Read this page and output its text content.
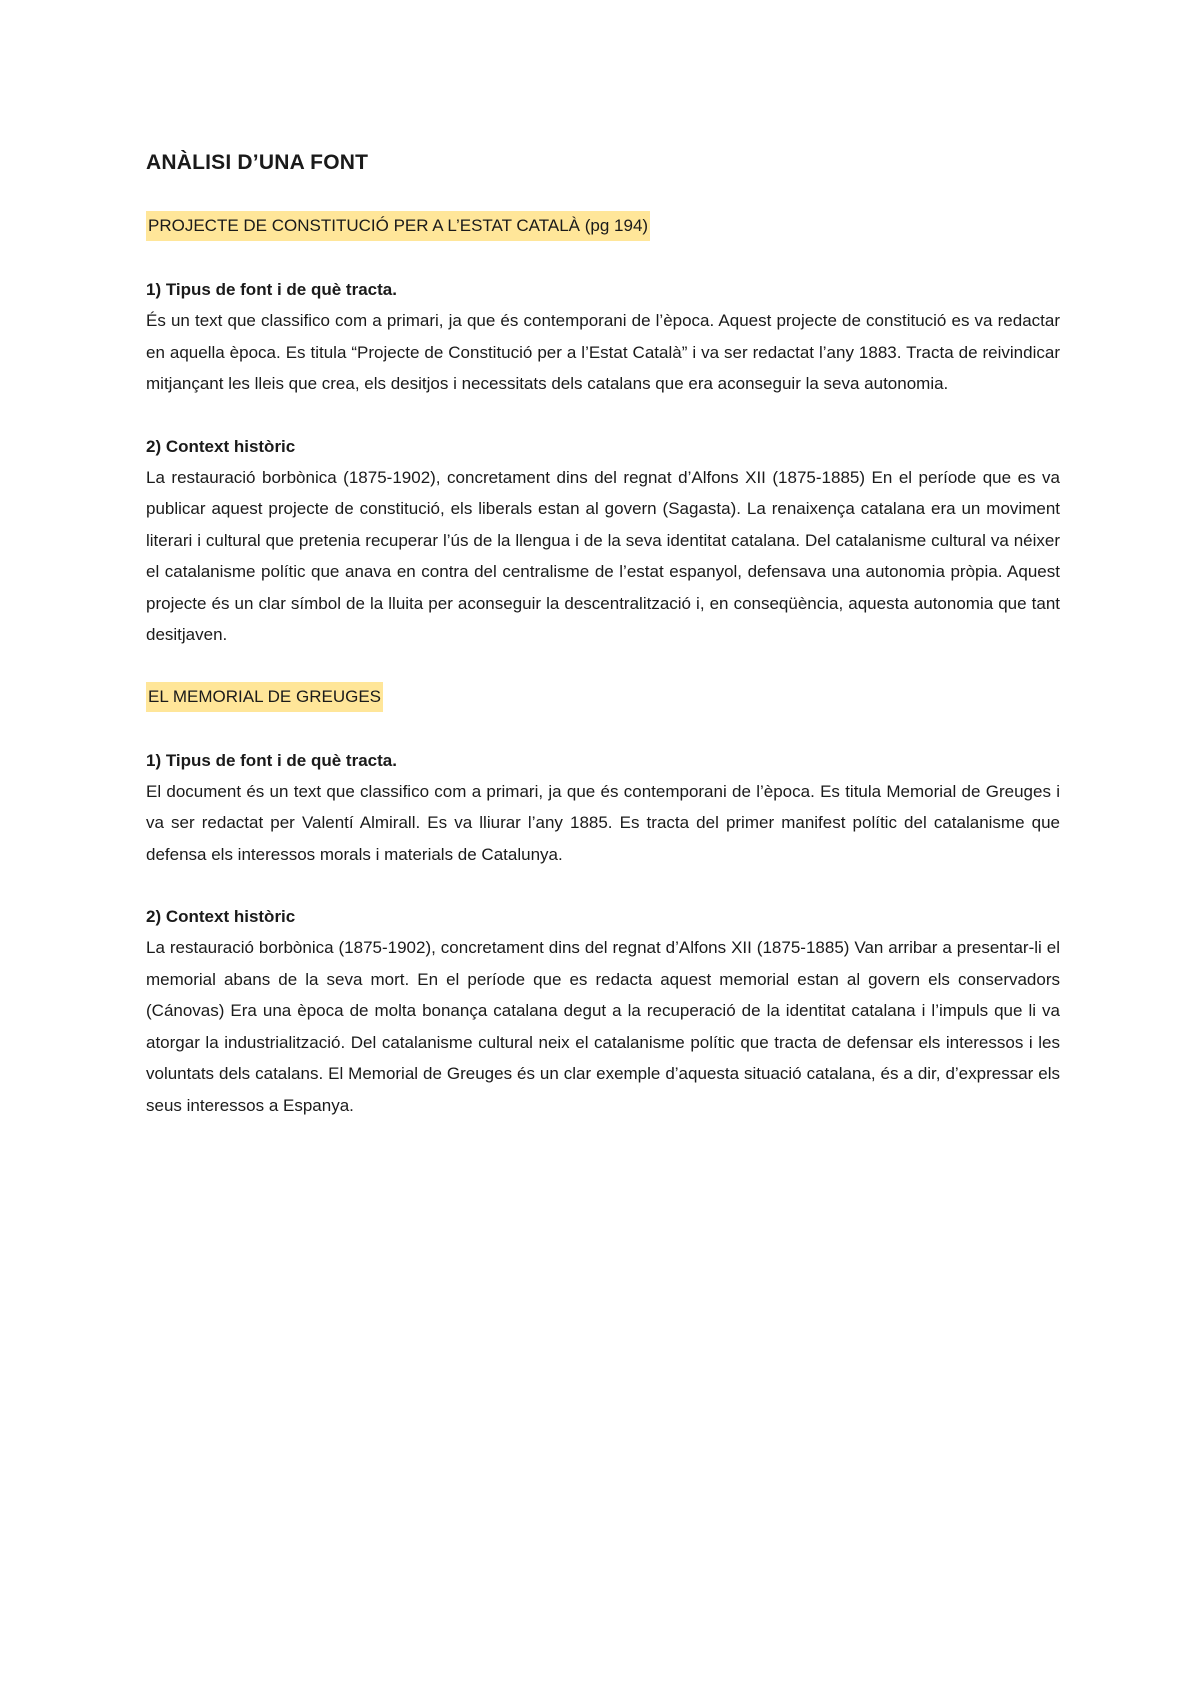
ANÀLISI D’UNA FONT

PROJECTE DE CONSTITUCIÓ PER A L’ESTAT CATALÀ (pg 194)

1) Tipus de font i de què tracta.

És un text que classifico com a primari, ja que és contemporani de l’època. Aquest projecte de constitució es va redactar en aquella època. Es titula “Projecte de Constitució per a l’Estat Català” i va ser redactat l’any 1883. Tracta de reivindicar mitjançant les lleis que crea, els desitjos i necessitats dels catalans que era aconseguir la seva autonomia.

2) Context històric

La restauració borbònica (1875-1902), concretament dins del regnat d’Alfons XII (1875-1885) En el període que es va publicar aquest projecte de constitució, els liberals estan al govern (Sagasta). La renaixença catalana era un moviment literari i cultural que pretenia recuperar l’ús de la llengua i de la seva identitat catalana. Del catalanisme cultural va néixer el catalanisme polític que anava en contra del centralisme de l’estat espanyol, defensava una autonomia pròpia. Aquest projecte és un clar símbol de la lluita per aconseguir la descentralització i, en conseqüència, aquesta autonomia que tant desitjaven.

EL MEMORIAL DE GREUGES

1) Tipus de font i de què tracta.

El document és un text que classifico com a primari, ja que és contemporani de l’època. Es titula Memorial de Greuges i va ser redactat per Valentí Almirall. Es va lliurar l’any 1885. Es tracta del primer manifest polític del catalanisme que defensa els interessos morals i materials de Catalunya.

2) Context històric

La restauració borbònica (1875-1902), concretament dins del regnat d’Alfons XII (1875-1885) Van arribar a presentar-li el memorial abans de la seva mort. En el període que es redacta aquest memorial estan al govern els conservadors (Cánovas) Era una època de molta bonança catalana degut a la recuperació de la identitat catalana i l’impuls que li va atorgar la industrialització. Del catalanisme cultural neix el catalanisme polític que tracta de defensar els interessos i les voluntats dels catalans. El Memorial de Greuges és un clar exemple d’aquesta situació catalana, és a dir, d’expressar els seus interessos a Espanya.
